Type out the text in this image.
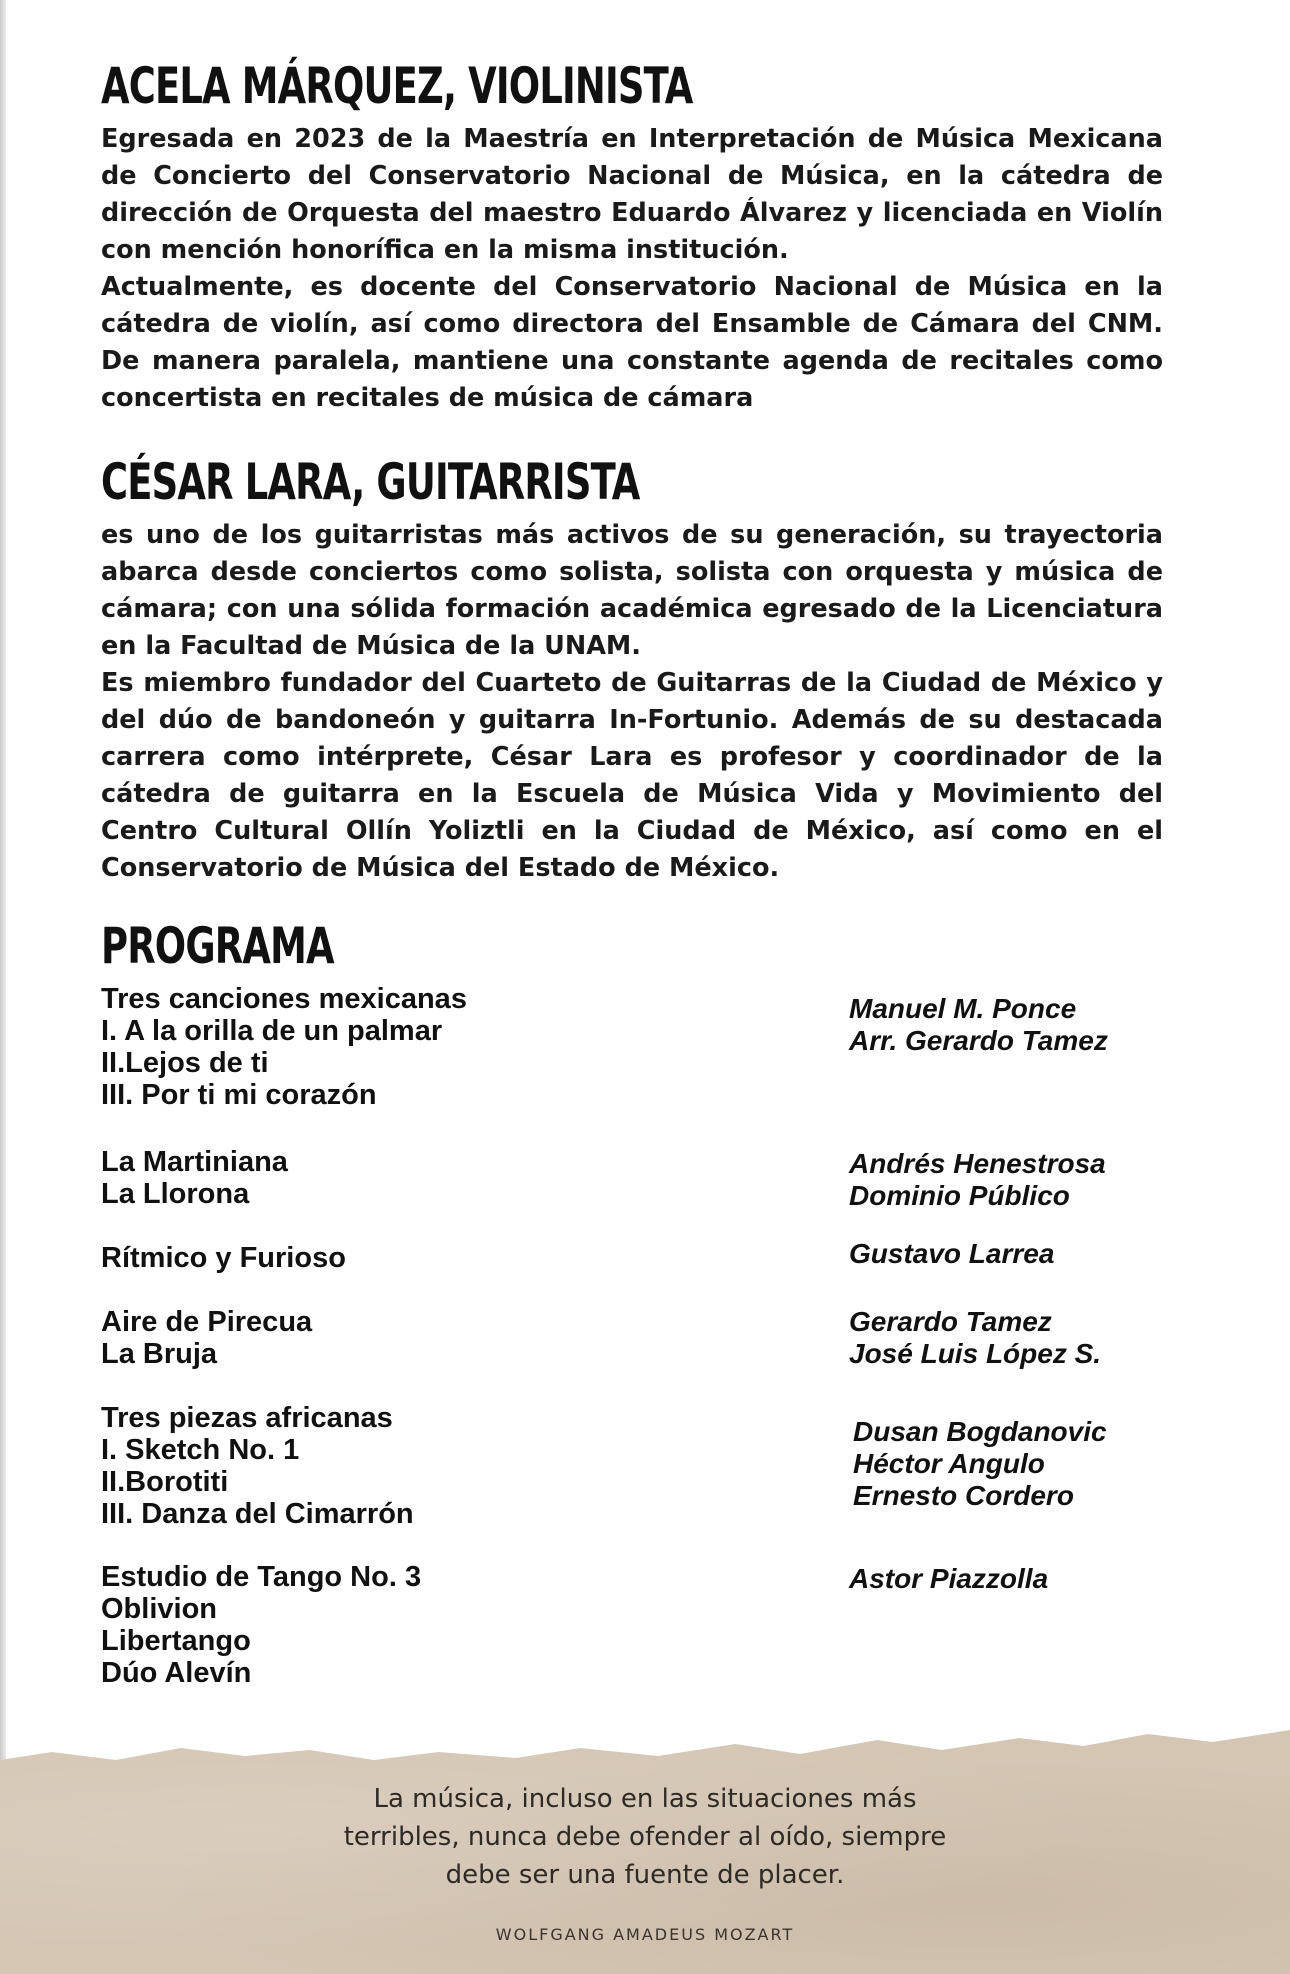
ACELA MÁRQUEZ, VIOLINISTA

Egresada en 2023 de la Maestría en Interpretación de Música Mexicana de Concierto del Conservatorio Nacional de Música, en la cátedra de dirección de Orquesta del maestro Eduardo Álvarez y licenciada en Violín con mención honorífica en la misma institución.

Actualmente, es docente del Conservatorio Nacional de Música en la cátedra de violín, así como directora del Ensamble de Cámara del CNM. De manera paralela, mantiene una constante agenda de recitales como concertista en recitales de música de cámara

CÉSAR LARA, GUITARRISTA

es uno de los guitarristas más activos de su generación, su trayectoria abarca desde conciertos como solista, solista con orquesta y música de cámara; con una sólida formación académica egresado de la Licenciatura en la Facultad de Música de la UNAM.

Es miembro fundador del Cuarteto de Guitarras de la Ciudad de México y del dúo de bandoneón y guitarra In-Fortunio. Además de su destacada carrera como intérprete, César Lara es profesor y coordinador de la cátedra de guitarra en la Escuela de Música Vida y Movimiento del Centro Cultural Ollín Yoliztli en la Ciudad de México, así como en el Conservatorio de Música del Estado de México.

PROGRAMA
Tres canciones mexicanas
I. A la orilla de un palmar
II.Lejos de ti
III. Por ti mi corazón
Manuel M. Ponce
Arr. Gerardo Tamez
La Martiniana
La Llorona
Andrés Henestrosa
Dominio Público
Rítmico y Furioso	Gustavo Larrea
Aire de Pirecua
La Bruja
Gerardo Tamez
José Luis López S.
Tres piezas africanas
I. Sketch No. 1
II.Borotiti
III. Danza del Cimarrón
Dusan Bogdanovic
Héctor Angulo
Ernesto Cordero
Estudio de Tango No. 3
Oblivion
Libertango
Dúo Alevín
Astor Piazzolla

La música, incluso en las situaciones más
terribles, nunca debe ofender al oído, siempre
debe ser una fuente de placer.

WOLFGANG AMADEUS MOZART
